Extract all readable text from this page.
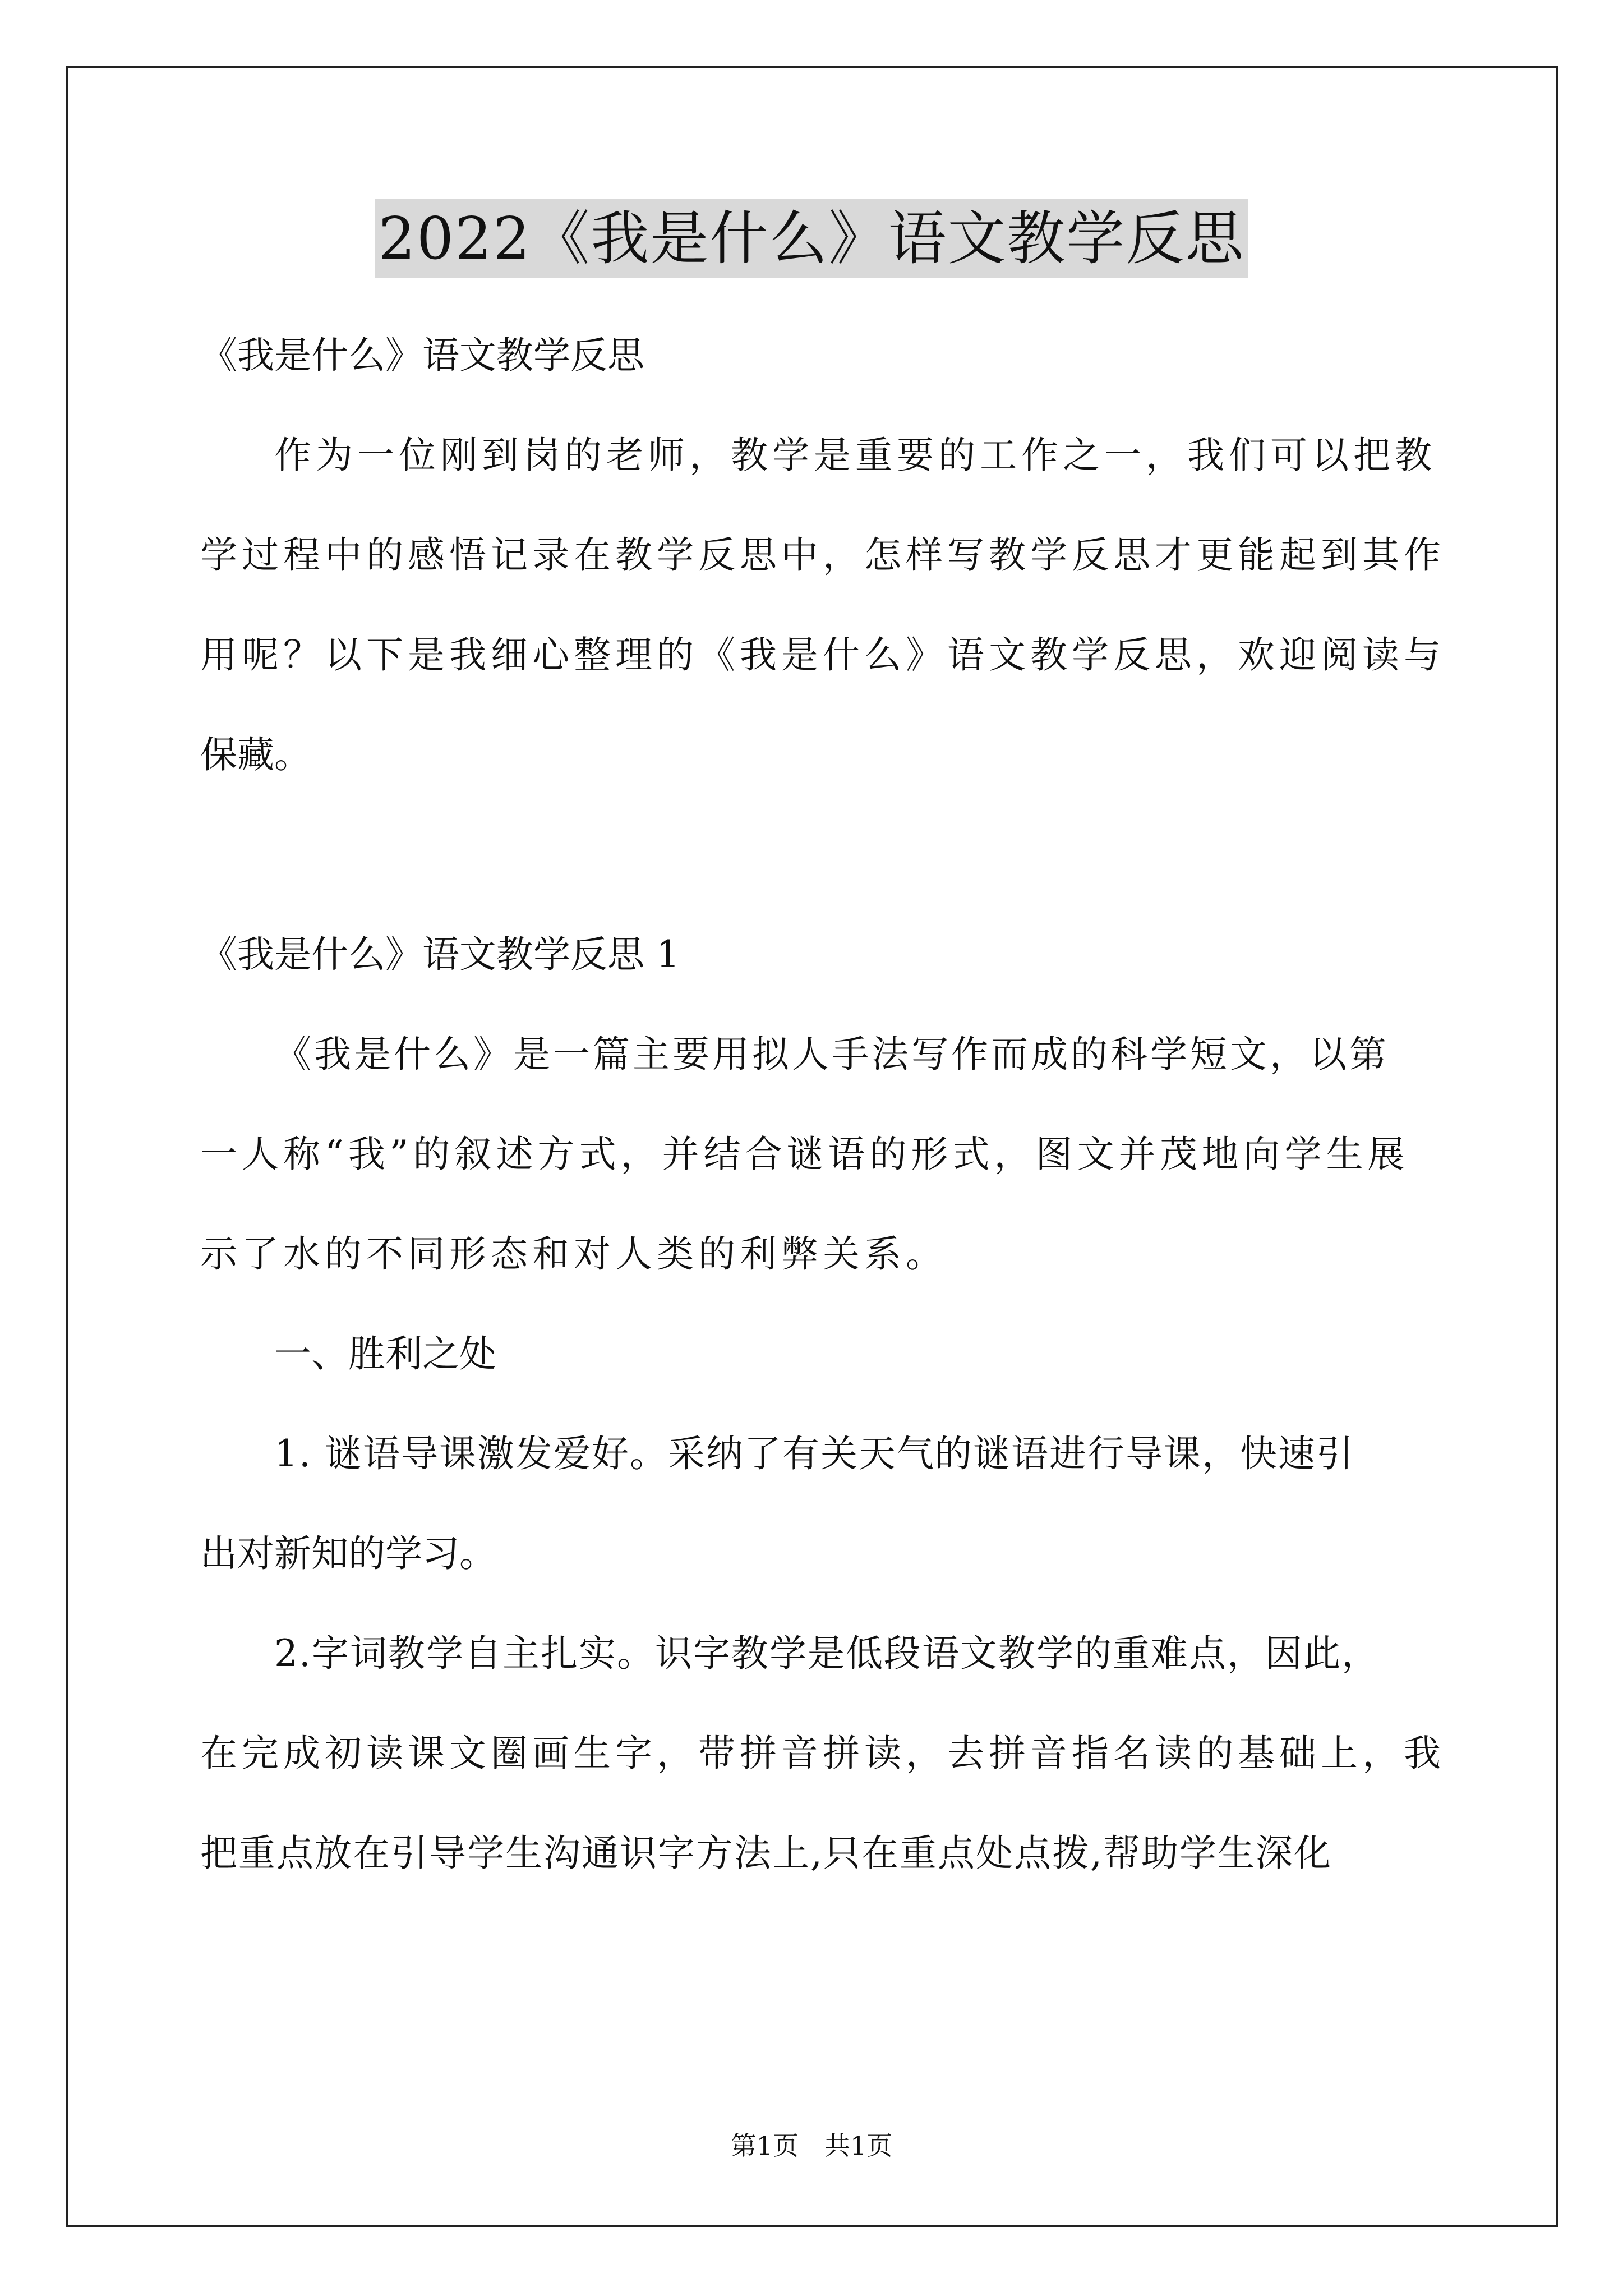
2022《我是什么》语文教学反思
《我是什么》语文教学反思
作为一位刚到岗的老师，教学是重要的工作之一，我们可以把教
学过程中的感悟记录在教学反思中，怎样写教学反思才更能起到其作
用呢？以下是我细心整理的《我是什么》语文教学反思，欢迎阅读与
保藏。
《我是什么》语文教学反思 1
《我是什么》是一篇主要用拟人手法写作而成的科学短文，以第
一人称“我”的叙述方式，并结合谜语的形式，图文并茂地向学生展
示了水的不同形态和对人类的利弊关系。
一、胜利之处
1. 谜语导课激发爱好。采纳了有关天气的谜语进行导课，快速引
出对新知的学习。
2.字词教学自主扎实。识字教学是低段语文教学的重难点，因此，
在完成初读课文圈画生字，带拼音拼读，去拼音指名读的基础上，我
把重点放在引导学生沟通识字方法上,只在重点处点拨,帮助学生深化
第1页 共1页
